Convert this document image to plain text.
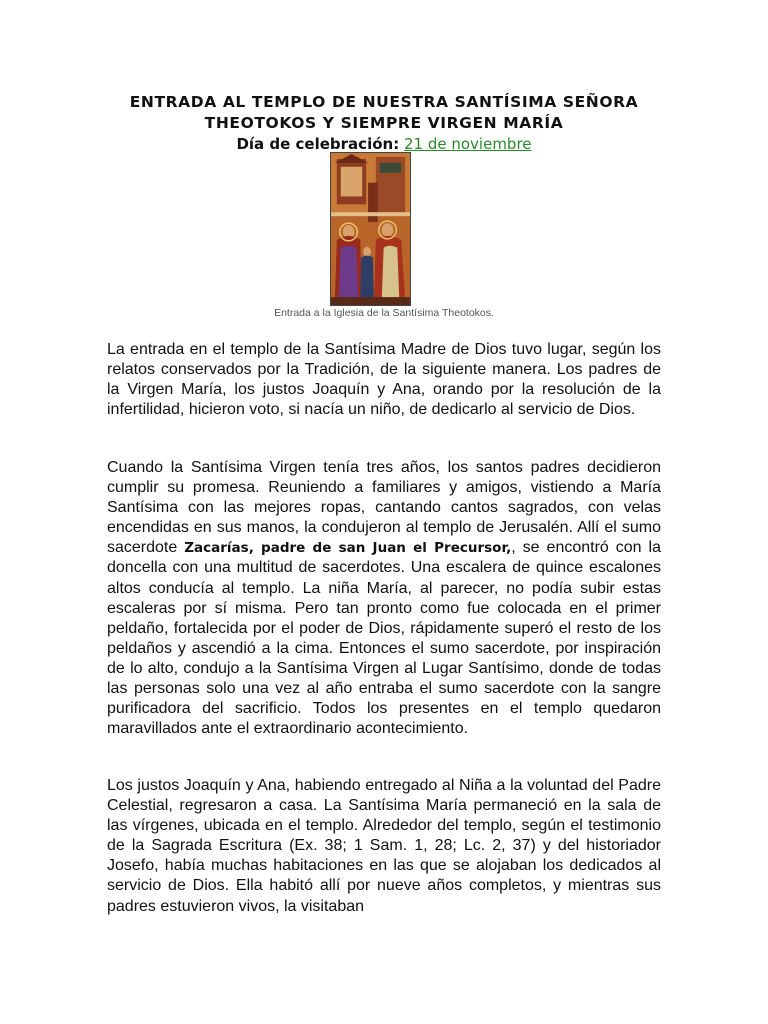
ENTRADA AL TEMPLO DE NUESTRA SANTÍSIMA SEÑORA
THEOTOKOS Y SIEMPRE VIRGEN MARÍA
Día de celebración: 21 de noviembre
Entrada a la Iglesia de la Santísima Theotokos.
La entrada en el templo de la Santísima Madre de Dios tuvo lugar, según los relatos conservados por la Tradición, de la siguiente manera. Los padres de la Virgen María, los justos Joaquín y Ana, orando por la resolución de la infertilidad, hicieron voto, si nacía un niño, de dedicarlo al servicio de Dios.
Cuando la Santísima Virgen tenía tres años, los santos padres decidieron cumplir su promesa. Reuniendo a familiares y amigos, vistiendo a María Santísima con las mejores ropas, cantando cantos sagrados, con velas encendidas en sus manos, la condujeron al templo de Jerusalén. Allí el sumo sacerdote Zacarías, padre de san Juan el Precursor,, se encontró con la doncella con una multitud de sacerdotes. Una escalera de quince escalones altos conducía al templo. La niña María, al parecer, no podía subir estas escaleras por sí misma. Pero tan pronto como fue colocada en el primer peldaño, fortalecida por el poder de Dios, rápidamente superó el resto de los peldaños y ascendió a la cima. Entonces el sumo sacerdote, por inspiración de lo alto, condujo a la Santísima Virgen al Lugar Santísimo, donde de todas las personas solo una vez al año entraba el sumo sacerdote con la sangre purificadora del sacrificio. Todos los presentes en el templo quedaron maravillados ante el extraordinario acontecimiento.
Los justos Joaquín y Ana, habiendo entregado al Niña a la voluntad del Padre Celestial, regresaron a casa. La Santísima María permaneció en la sala de las vírgenes, ubicada en el templo. Alrededor del templo, según el testimonio de la Sagrada Escritura (Ex. 38; 1 Sam. 1, 28; Lc. 2, 37) y del historiador Josefo, había muchas habitaciones en las que se alojaban los dedicados al servicio de Dios. Ella habitó allí por nueve años completos, y mientras sus padres estuvieron vivos, la visitaban
